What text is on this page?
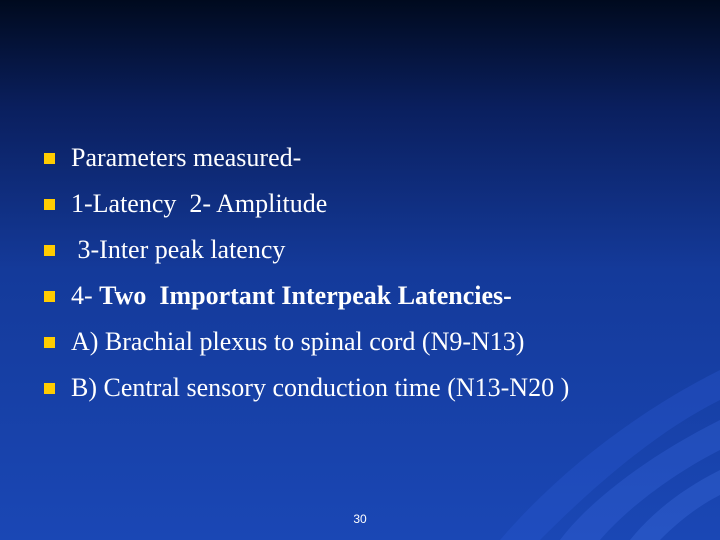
Parameters measured-
1-Latency  2- Amplitude
3-Inter peak latency
4- Two  Important Interpeak Latencies-
A) Brachial plexus to spinal cord (N9-N13)
B) Central sensory conduction time (N13-N20 )
30
